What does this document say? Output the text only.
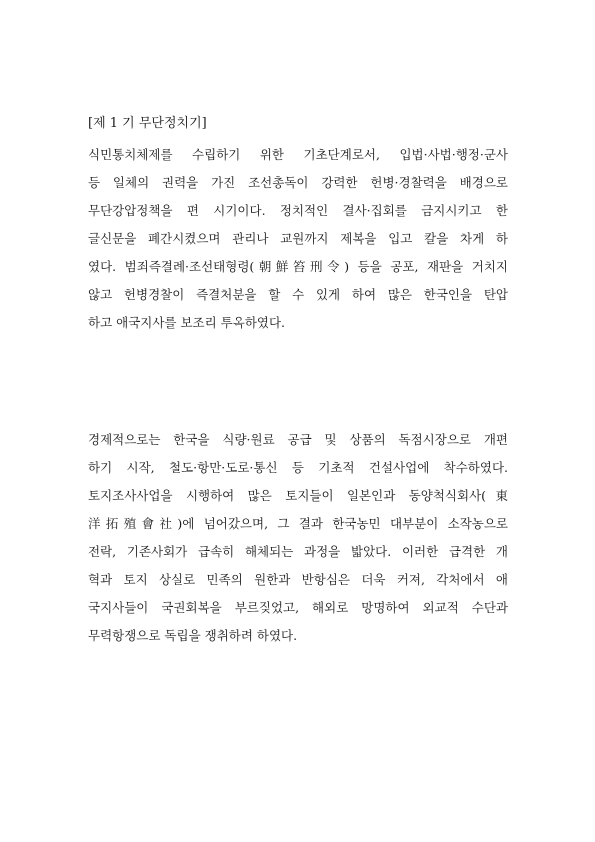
[제 1 기 무단정치기]
식민통치체제를 수립하기 위한 기초단계로서, 입법·사법·행정·군사
등 일체의 권력을 가진 조선총독이 강력한 헌병·경찰력을 배경으로
무단강압정책을 편 시기이다. 정치적인 결사·집회를 금지시키고 한
글신문을 폐간시켰으며 관리나 교원까지 제복을 입고 칼을 차게 하
였다. 범죄즉결례·조선태형령(朝鮮笞刑令) 등을 공포, 재판을 거치지
않고 헌병경찰이 즉결처분을 할 수 있게 하여 많은 한국인을 탄압
하고 애국지사를 보조리 투옥하였다.
경제적으로는 한국을 식량·원료 공급 및 상품의 독점시장으로 개편
하기 시작, 철도·항만·도로·통신 등 기초적 건설사업에 착수하였다.
토지조사사업을 시행하여 많은 토지들이 일본인과 동양척식회사(東
洋拓殖會社)에 넘어갔으며, 그 결과 한국농민 대부분이 소작농으로
전락, 기존사회가 급속히 해체되는 과정을 밟았다. 이러한 급격한 개
혁과 토지 상실로 민족의 원한과 반항심은 더욱 커져, 각처에서 애
국지사들이 국권회복을 부르짖었고, 해외로 망명하여 외교적 수단과
무력항쟁으로 독립을 쟁취하려 하였다.
